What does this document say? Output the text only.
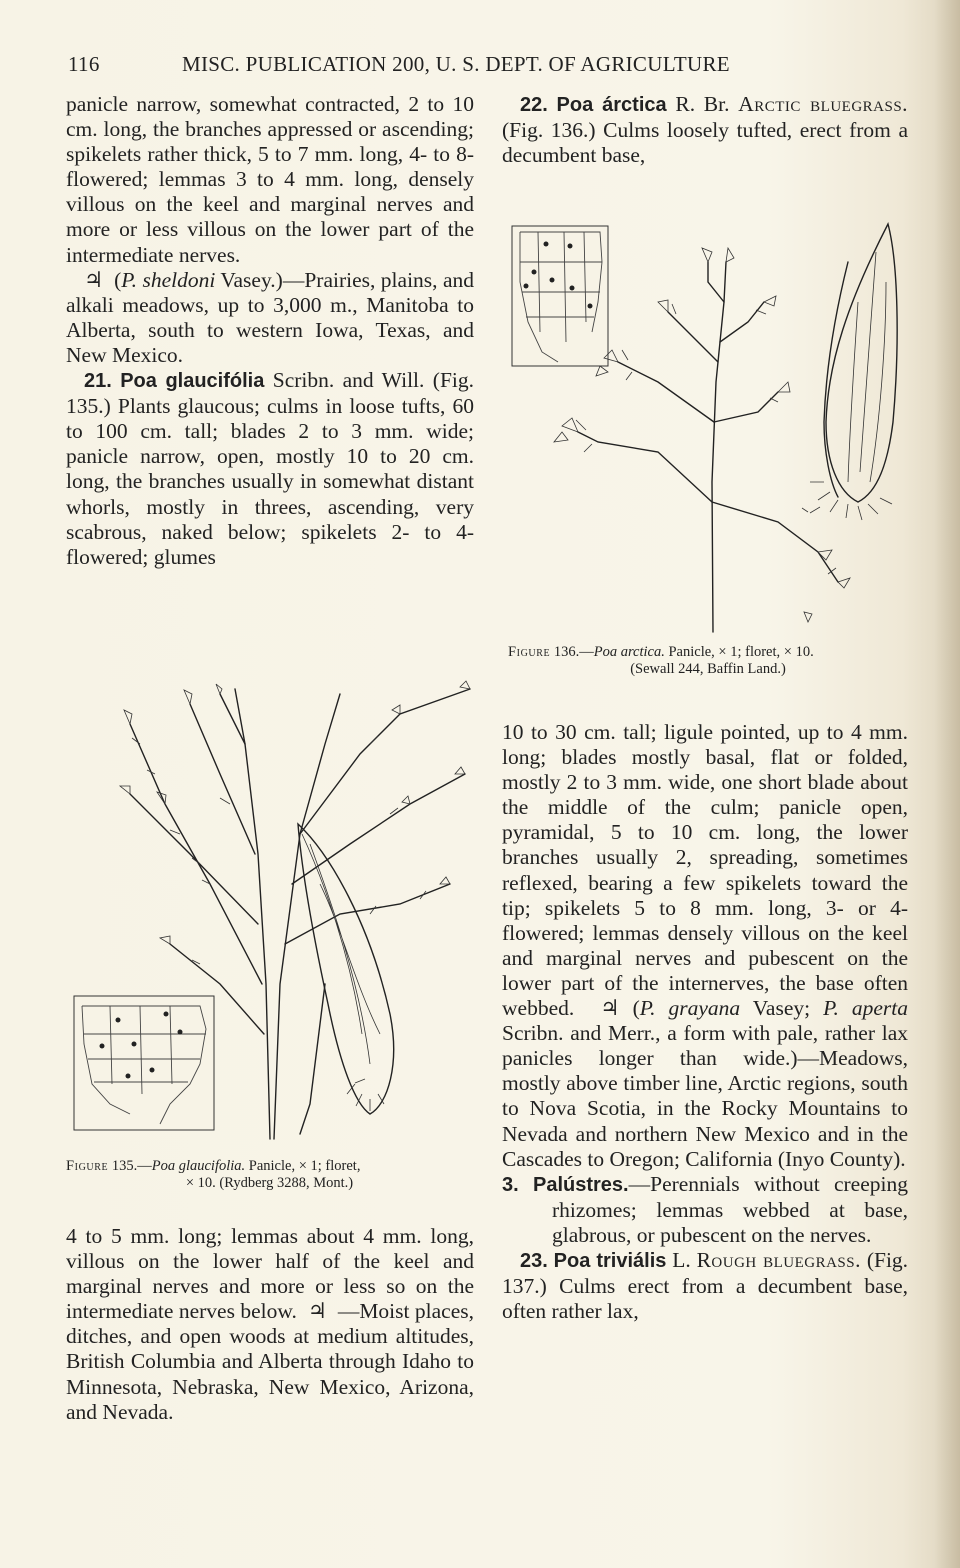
116	MISC. PUBLICATION 200, U. S. DEPT. OF AGRICULTURE

panicle narrow, somewhat contracted, 2 to 10 cm. long, the branches appressed or ascending; spikelets rather thick, 5 to 7 mm. long, 4- to 8-flowered; lemmas 3 to 4 mm. long, densely villous on the keel and marginal nerves and more or less villous on the lower part of the intermediate nerves.

♃ (P. sheldoni Vasey.)—Prairies, plains, and alkali meadows, up to 3,000 m., Manitoba to Alberta, south to western Iowa, Texas, and New Mexico.

21. Poa glaucifólia Scribn. and Will. (Fig. 135.) Plants glaucous; culms in loose tufts, 60 to 100 cm. tall; blades 2 to 3 mm. wide; panicle narrow, open, mostly 10 to 20 cm. long, the branches usually in somewhat distant whorls, mostly in threes, ascending, very scabrous, naked below; spikelets 2- to 4-flowered; glumes

Figure 135.—Poa glaucifolia. Panicle, × 1; floret,
× 10. (Rydberg 3288, Mont.)

4 to 5 mm. long; lemmas about 4 mm. long, villous on the lower half of the keel and marginal nerves and more or less so on the intermediate nerves below. ♃ —Moist places, ditches, and open woods at medium altitudes, British Columbia and Alberta through Idaho to Minnesota, Nebraska, New Mexico, Arizona, and Nevada.

22. Poa árctica R. Br. Arctic bluegrass. (Fig. 136.) Culms loosely tufted, erect from a decumbent base,

Figure 136.—Poa arctica. Panicle, × 1; floret, × 10.
(Sewall 244, Baffin Land.)

10 to 30 cm. tall; ligule pointed, up to 4 mm. long; blades mostly basal, flat or folded, mostly 2 to 3 mm. wide, one short blade about the middle of the culm; panicle open, pyramidal, 5 to 10 cm. long, the lower branches usually 2, spreading, sometimes reflexed, bearing a few spikelets toward the tip; spikelets 5 to 8 mm. long, 3- or 4-flowered; lemmas densely villous on the keel and marginal nerves and pubescent on the lower part of the internerves, the base often webbed. ♃ (P. grayana Vasey; P. aperta Scribn. and Merr., a form with pale, rather lax panicles longer than wide.)—Meadows, mostly above timber line, Arctic regions, south to Nova Scotia, in the Rocky Mountains to Nevada and northern New Mexico and in the Cascades to Oregon; California (Inyo County).

3. Palústres.—Perennials without creeping rhizomes; lemmas webbed at base, glabrous, or pubescent on the nerves.

23. Poa triviális L. Rough bluegrass. (Fig. 137.) Culms erect from a decumbent base, often rather lax,
